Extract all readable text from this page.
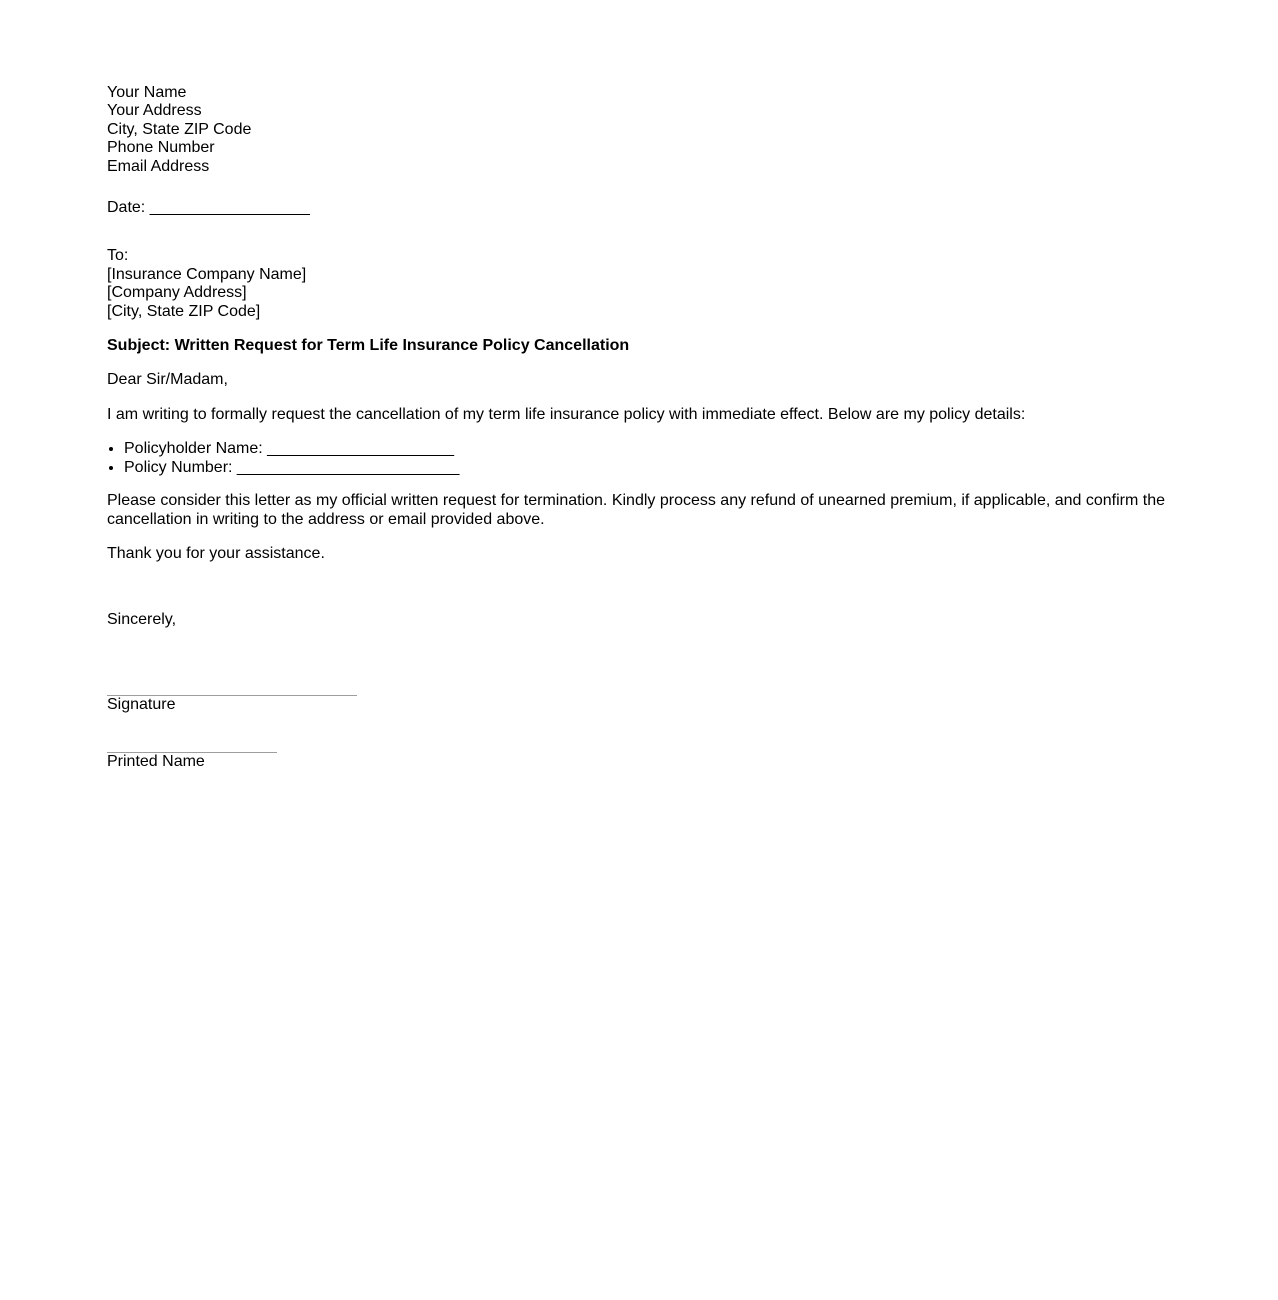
Your Name
Your Address
City, State ZIP Code
Phone Number
Email Address
Date: __________________
To:
[Insurance Company Name]
[Company Address]
[City, State ZIP Code]
Subject: Written Request for Term Life Insurance Policy Cancellation
Dear Sir/Madam,
I am writing to formally request the cancellation of my term life insurance policy with immediate effect. Below are my policy details:
• Policyholder Name: _____________________
• Policy Number: _________________________
Please consider this letter as my official written request for termination. Kindly process any refund of unearned premium, if applicable, and confirm the cancellation in writing to the address or email provided above.
Thank you for your assistance.
Sincerely,
Signature
Printed Name
